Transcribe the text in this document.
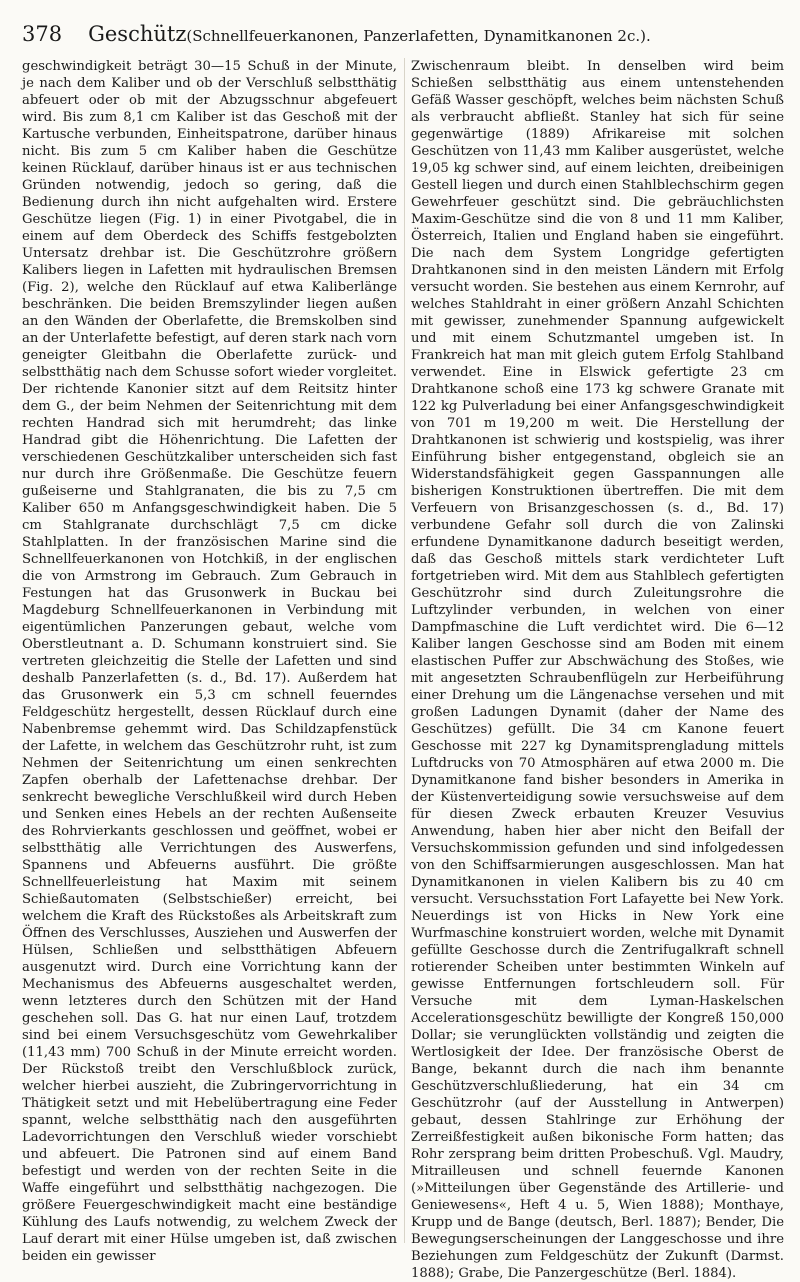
378 Geschütz (Schnellfeuerkanonen, Panzerlafetten, Dynamitkanonen 2c.).

geschwindigkeit beträgt 30—15 Schuß in der Minute, je nach dem Kaliber und ob der Verschluß selbstthätig abfeuert oder ob mit der Abzugsschnur abgefeuert wird. Bis zum 8,1 cm Kaliber ist das Geschoß mit der Kartusche verbunden, Einheitspatrone, darüber hinaus nicht. Bis zum 5 cm Kaliber haben die Geschütze keinen Rücklauf, darüber hinaus ist er aus technischen Gründen notwendig, jedoch so gering, daß die Bedienung durch ihn nicht aufgehalten wird. Erstere Geschütze liegen (Fig. 1) in einer Pivotgabel, die in einem auf dem Oberdeck des Schiffs festgebolzten Untersatz drehbar ist. Die Geschützrohre größern Kalibers liegen in Lafetten mit hydraulischen Bremsen (Fig. 2), welche den Rücklauf auf etwa Kaliberlänge beschränken. Die beiden Bremszylinder liegen außen an den Wänden der Oberlafette, die Bremskolben sind an der Unterlafette befestigt, auf deren stark nach vorn geneigter Gleitbahn die Oberlafette zurück- und selbstthätig nach dem Schusse sofort wieder vorgleitet. Der richtende Kanonier sitzt auf dem Reitsitz hinter dem G., der beim Nehmen der Seitenrichtung mit dem rechten Handrad sich mit herumdreht; das linke Handrad gibt die Höhenrichtung. Die Lafetten der verschiedenen Geschützkaliber unterscheiden sich fast nur durch ihre Größenmaße. Die Geschütze feuern gußeiserne und Stahlgranaten, die bis zu 7,5 cm Kaliber 650 m Anfangsgeschwindigkeit haben. Die 5 cm Stahlgranate durchschlägt 7,5 cm dicke Stahlplatten. In der französischen Marine sind die Schnellfeuerkanonen von Hotchkiß, in der englischen die von Armstrong im Gebrauch. Zum Gebrauch in Festungen hat das Grusonwerk in Buckau bei Magdeburg Schnellfeuerkanonen in Verbindung mit eigentümlichen Panzerungen gebaut, welche vom Oberstleutnant a. D. Schumann konstruiert sind. Sie vertreten gleichzeitig die Stelle der Lafetten und sind deshalb Panzerlafetten (s. d., Bd. 17). Außerdem hat das Grusonwerk ein 5,3 cm schnell feuerndes Feldgeschütz hergestellt, dessen Rücklauf durch eine Nabenbremse gehemmt wird. Das Schildzapfenstück der Lafette, in welchem das Geschützrohr ruht, ist zum Nehmen der Seitenrichtung um einen senkrechten Zapfen oberhalb der Lafettenachse drehbar. Der senkrecht bewegliche Verschlußkeil wird durch Heben und Senken eines Hebels an der rechten Außenseite des Rohrvierkants geschlossen und geöffnet, wobei er selbstthätig alle Verrichtungen des Auswerfens, Spannens und Abfeuerns ausführt. Die größte Schnellfeuerleistung hat Maxim mit seinem Schießautomaten (Selbstschießer) erreicht, bei welchem die Kraft des Rückstoßes als Arbeitskraft zum Öffnen des Verschlusses, Ausziehen und Auswerfen der Hülsen, Schließen und selbstthätigen Abfeuern ausgenutzt wird. Durch eine Vorrichtung kann der Mechanismus des Abfeuerns ausgeschaltet werden, wenn letzteres durch den Schützen mit der Hand geschehen soll. Das G. hat nur einen Lauf, trotzdem sind bei einem Versuchsgeschütz vom Gewehrkaliber (11,43 mm) 700 Schuß in der Minute erreicht worden. Der Rückstoß treibt den Verschlußblock zurück, welcher hierbei auszieht, die Zubringervorrichtung in Thätigkeit setzt und mit Hebelübertragung eine Feder spannt, welche selbstthätig nach den ausgeführten Ladevorrichtungen den Verschluß wieder vorschiebt und abfeuert. Die Patronen sind auf einem Band befestigt und werden von der rechten Seite in die Waffe eingeführt und selbstthätig nachgezogen. Die größere Feuergeschwindigkeit macht eine beständige Kühlung des Laufs notwendig, zu welchem Zweck der Lauf derart mit einer Hülse umgeben ist, daß zwischen beiden ein gewisser

Zwischenraum bleibt. In denselben wird beim Schießen selbstthätig aus einem untenstehenden Gefäß Wasser geschöpft, welches beim nächsten Schuß als verbraucht abfließt. Stanley hat sich für seine gegenwärtige (1889) Afrikareise mit solchen Geschützen von 11,43 mm Kaliber ausgerüstet, welche 19,05 kg schwer sind, auf einem leichten, dreibeinigen Gestell liegen und durch einen Stahlblechschirm gegen Gewehrfeuer geschützt sind. Die gebräuchlichsten Maxim-Geschütze sind die von 8 und 11 mm Kaliber, Österreich, Italien und England haben sie eingeführt. Die nach dem System Longridge gefertigten Drahtkanonen sind in den meisten Ländern mit Erfolg versucht worden. Sie bestehen aus einem Kernrohr, auf welches Stahldraht in einer größern Anzahl Schichten mit gewisser, zunehmender Spannung aufgewickelt und mit einem Schutzmantel umgeben ist. In Frankreich hat man mit gleich gutem Erfolg Stahlband verwendet. Eine in Elswick gefertigte 23 cm Drahtkanone schoß eine 173 kg schwere Granate mit 122 kg Pulverladung bei einer Anfangsgeschwindigkeit von 701 m 19,200 m weit. Die Herstellung der Drahtkanonen ist schwierig und kostspielig, was ihrer Einführung bisher entgegenstand, obgleich sie an Widerstandsfähigkeit gegen Gasspannungen alle bisherigen Konstruktionen übertreffen. Die mit dem Verfeuern von Brisanzgeschossen (s. d., Bd. 17) verbundene Gefahr soll durch die von Zalinski erfundene Dynamitkanone dadurch beseitigt werden, daß das Geschoß mittels stark verdichteter Luft fortgetrieben wird. Mit dem aus Stahlblech gefertigten Geschützrohr sind durch Zuleitungsrohre die Luftzylinder verbunden, in welchen von einer Dampfmaschine die Luft verdichtet wird. Die 6—12 Kaliber langen Geschosse sind am Boden mit einem elastischen Puffer zur Abschwächung des Stoßes, wie mit angesetzten Schraubenflügeln zur Herbeiführung einer Drehung um die Längenachse versehen und mit großen Ladungen Dynamit (daher der Name des Geschützes) gefüllt. Die 34 cm Kanone feuert Geschosse mit 227 kg Dynamitsprengladung mittels Luftdrucks von 70 Atmosphären auf etwa 2000 m. Die Dynamitkanone fand bisher besonders in Amerika in der Küstenverteidigung sowie versuchsweise auf dem für diesen Zweck erbauten Kreuzer Vesuvius Anwendung, haben hier aber nicht den Beifall der Versuchskommission gefunden und sind infolgedessen von den Schiffsarmierungen ausgeschlossen. Man hat Dynamitkanonen in vielen Kalibern bis zu 40 cm versucht. Versuchsstation Fort Lafayette bei New York. Neuerdings ist von Hicks in New York eine Wurfmaschine konstruiert worden, welche mit Dynamit gefüllte Geschosse durch die Zentrifugalkraft schnell rotierender Scheiben unter bestimmten Winkeln auf gewisse Entfernungen fortschleudern soll. Für Versuche mit dem Lyman-Haskelschen Accelerationsgeschütz bewilligte der Kongreß 150,000 Dollar; sie verunglückten vollständig und zeigten die Wertlosigkeit der Idee. Der französische Oberst de Bange, bekannt durch die nach ihm benannte Geschützverschlußliederung, hat ein 34 cm Geschützrohr (auf der Ausstellung in Antwerpen) gebaut, dessen Stahlringe zur Erhöhung der Zerreißfestigkeit außen bikonische Form hatten; das Rohr zersprang beim dritten Probeschuß. Vgl. Maudry, Mitrailleusen und schnell feuernde Kanonen (»Mitteilungen über Gegenstände des Artillerie- und Geniewesens«, Heft 4 u. 5, Wien 1888); Monthaye, Krupp und de Bange (deutsch, Berl. 1887); Bender, Die Bewegungserscheinungen der Langgeschosse und ihre Beziehungen zum Feldgeschütz der Zukunft (Darmst. 1888); Grabe, Die Panzergeschütze (Berl. 1884).
